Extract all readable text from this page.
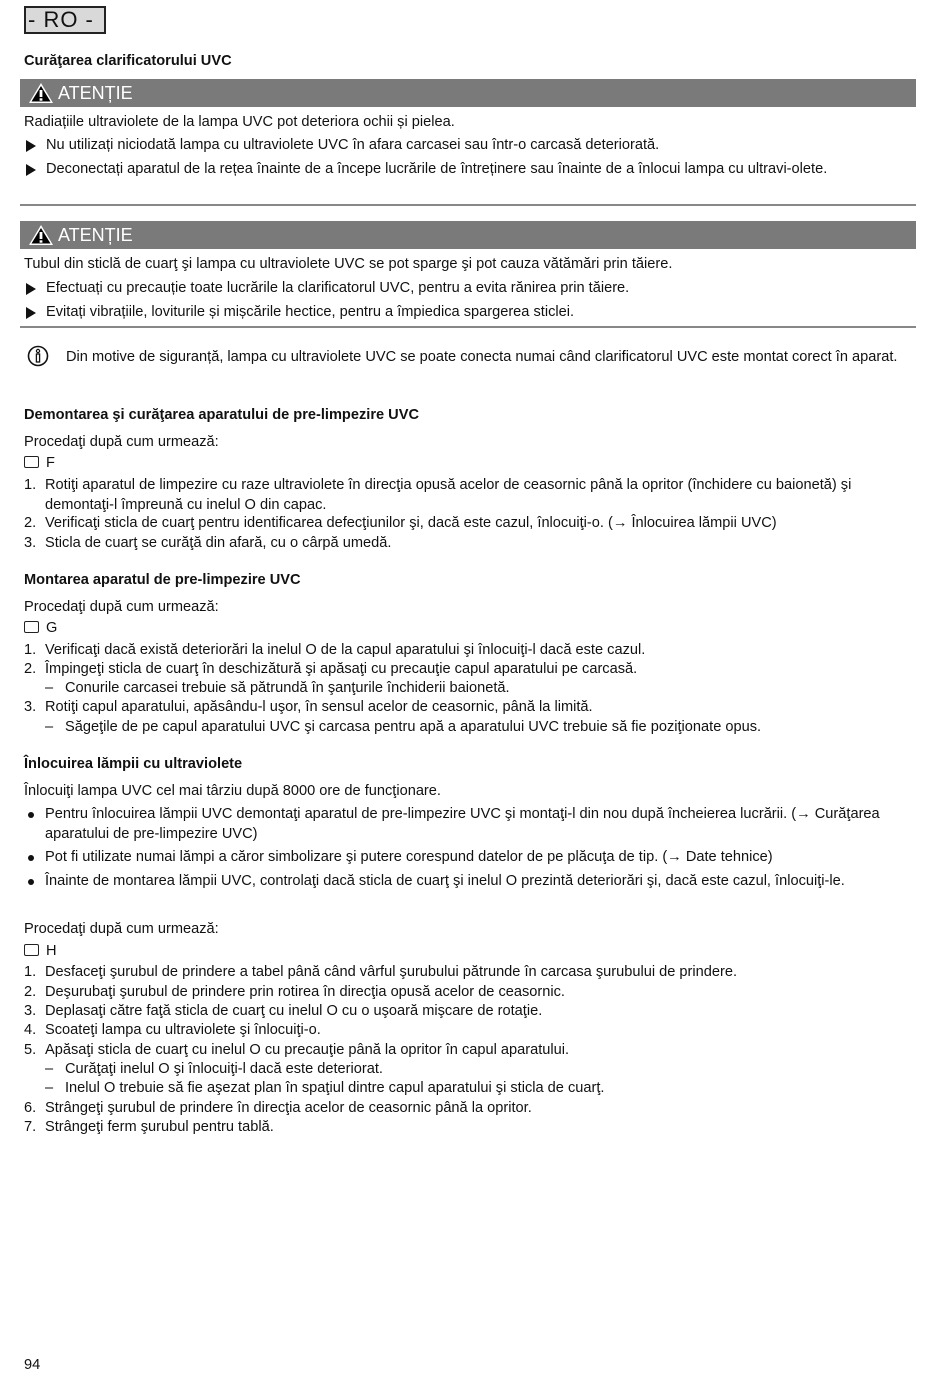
- RO -
Curăţarea clarificatorului UVC
ATENȚIE
Radiațiile ultraviolete de la lampa UVC pot deteriora ochii și pielea.
Nu utilizați niciodată lampa cu ultraviolete UVC în afara carcasei sau într-o carcasă deteriorată.
Deconectați aparatul de la rețea înainte de a începe lucrările de întreținere sau înainte de a înlocui lampa cu ultravi-olete.
ATENȚIE
Tubul din sticlă de cuarţ şi lampa cu ultraviolete UVC se pot sparge şi pot cauza vătămări prin tăiere.
Efectuați cu precauție toate lucrările la clarificatorul UVC, pentru a evita rănirea prin tăiere.
Evitați vibrațiile, loviturile și mișcările hectice, pentru a împiedica spargerea sticlei.
Din motive de siguranță, lampa cu ultraviolete UVC se poate conecta numai când clarificatorul UVC este montat corect în aparat.
Demontarea şi curăţarea aparatului de pre-limpezire UVC
Procedaţi după cum urmează:
F
1. Rotiţi aparatul de limpezire cu raze ultraviolete în direcţia opusă acelor de ceasornic până la opritor (închidere cu baionetă) şi demontaţi-l împreună cu inelul O din capac.
2. Verificaţi sticla de cuarţ pentru identificarea defecţiunilor şi, dacă este cazul, înlocuiţi-o. (→ Înlocuirea lămpii UVC)
3. Sticla de cuarţ se curăţă din afară, cu o cârpă umedă.
Montarea aparatul de pre-limpezire UVC
Procedaţi după cum urmează:
G
1. Verificaţi dacă există deteriorări la inelul O de la capul aparatului şi înlocuiţi-l dacă este cazul.
2. Împingeţi sticla de cuarţ în deschizătură şi apăsaţi cu precauţie capul aparatului pe carcasă.
– Conurile carcasei trebuie să pătrundă în şanţurile închiderii baionetă.
3. Rotiţi capul aparatului, apăsându-l uşor, în sensul acelor de ceasornic, până la limită.
– Săgeţile de pe capul aparatului UVC şi carcasa pentru apă a aparatului UVC trebuie să fie poziţionate opus.
Înlocuirea lămpii cu ultraviolete
Înlocuiţi lampa UVC cel mai târziu după 8000 ore de funcţionare.
Pentru înlocuirea lămpii UVC demontaţi aparatul de pre-limpezire UVC şi montaţi-l din nou după încheierea lucrării. (→ Curăţarea aparatului de pre-limpezire UVC)
Pot fi utilizate numai lămpi a căror simbolizare şi putere corespund datelor de pe plăcuţa de tip. (→ Date tehnice)
Înainte de montarea lămpii UVC, controlaţi dacă sticla de cuarţ şi inelul O prezintă deteriorări şi, dacă este cazul, înlocuiţi-le.
Procedaţi după cum urmează:
H
1. Desfaceţi şurubul de prindere a tabel până când vârful şurubului pătrunde în carcasa şurubului de prindere.
2. Deşurubaţi şurubul de prindere prin rotirea în direcţia opusă acelor de ceasornic.
3. Deplasaţi către faţă sticla de cuarţ cu inelul O cu o uşoară mişcare de rotaţie.
4. Scoateţi lampa cu ultraviolete şi înlocuiţi-o.
5. Apăsaţi sticla de cuarţ cu inelul O cu precauţie până la opritor în capul aparatului.
– Curăţaţi inelul O şi înlocuiţi-l dacă este deteriorat.
– Inelul O trebuie să fie aşezat plan în spaţiul dintre capul aparatului şi sticla de cuarţ.
6. Strângeţi şurubul de prindere în direcţia acelor de ceasornic până la opritor.
7. Strângeţi ferm şurubul pentru tablă.
94
